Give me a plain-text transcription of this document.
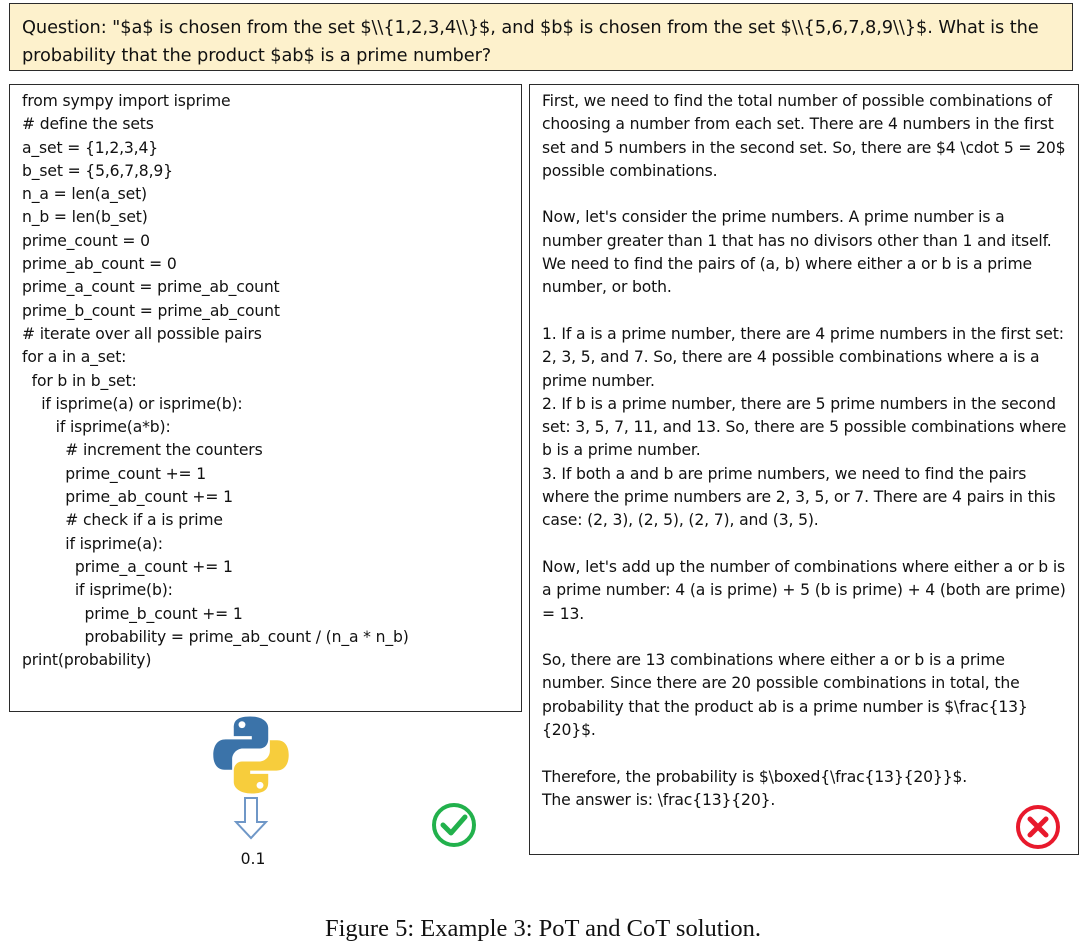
Question: "$a$ is chosen from the set $\\{1,2,3,4\\}$, and $b$ is chosen from the set $\\{5,6,7,8,9\\}$. What is the probability that the product $ab$ is a prime number?
from sympy import isprime
# define the sets
a_set = {1,2,3,4}
b_set = {5,6,7,8,9}
n_a = len(a_set)
n_b = len(b_set)
prime_count = 0
prime_ab_count = 0
prime_a_count = prime_ab_count
prime_b_count = prime_ab_count
# iterate over all possible pairs
for a in a_set:
for b in b_set:
if isprime(a) or isprime(b):
if isprime(a*b):
# increment the counters
prime_count += 1
prime_ab_count += 1
# check if a is prime
if isprime(a):
prime_a_count += 1
if isprime(b):
prime_b_count += 1
probability = prime_ab_count / (n_a * n_b)
print(probability)
0.1

First, we need to find the total number of possible combinations of choosing a number from each set. There are 4 numbers in the first set and 5 numbers in the second set. So, there are $4 \cdot 5 = 20$ possible combinations.

Now, let's consider the prime numbers. A prime number is a number greater than 1 that has no divisors other than 1 and itself. We need to find the pairs of (a, b) where either a or b is a prime number, or both.

1. If a is a prime number, there are 4 prime numbers in the first set: 2, 3, 5, and 7. So, there are 4 possible combinations where a is a prime number.

2. If b is a prime number, there are 5 prime numbers in the second set: 3, 5, 7, 11, and 13. So, there are 5 possible combinations where b is a prime number.

3. If both a and b are prime numbers, we need to find the pairs where the prime numbers are 2, 3, 5, or 7. There are 4 pairs in this case: (2, 3), (2, 5), (2, 7), and (3, 5).

Now, let's add up the number of combinations where either a or b is a prime number: 4 (a is prime) + 5 (b is prime) + 4 (both are prime) = 13.

So, there are 13 combinations where either a or b is a prime number. Since there are 20 possible combinations in total, the probability that the product ab is a prime number is $\frac{13}{20}$.

Therefore, the probability is $\boxed{\frac{13}{20}}$.

The answer is: \frac{13}{20}.

Figure 5: Example 3: PoT and CoT solution.
